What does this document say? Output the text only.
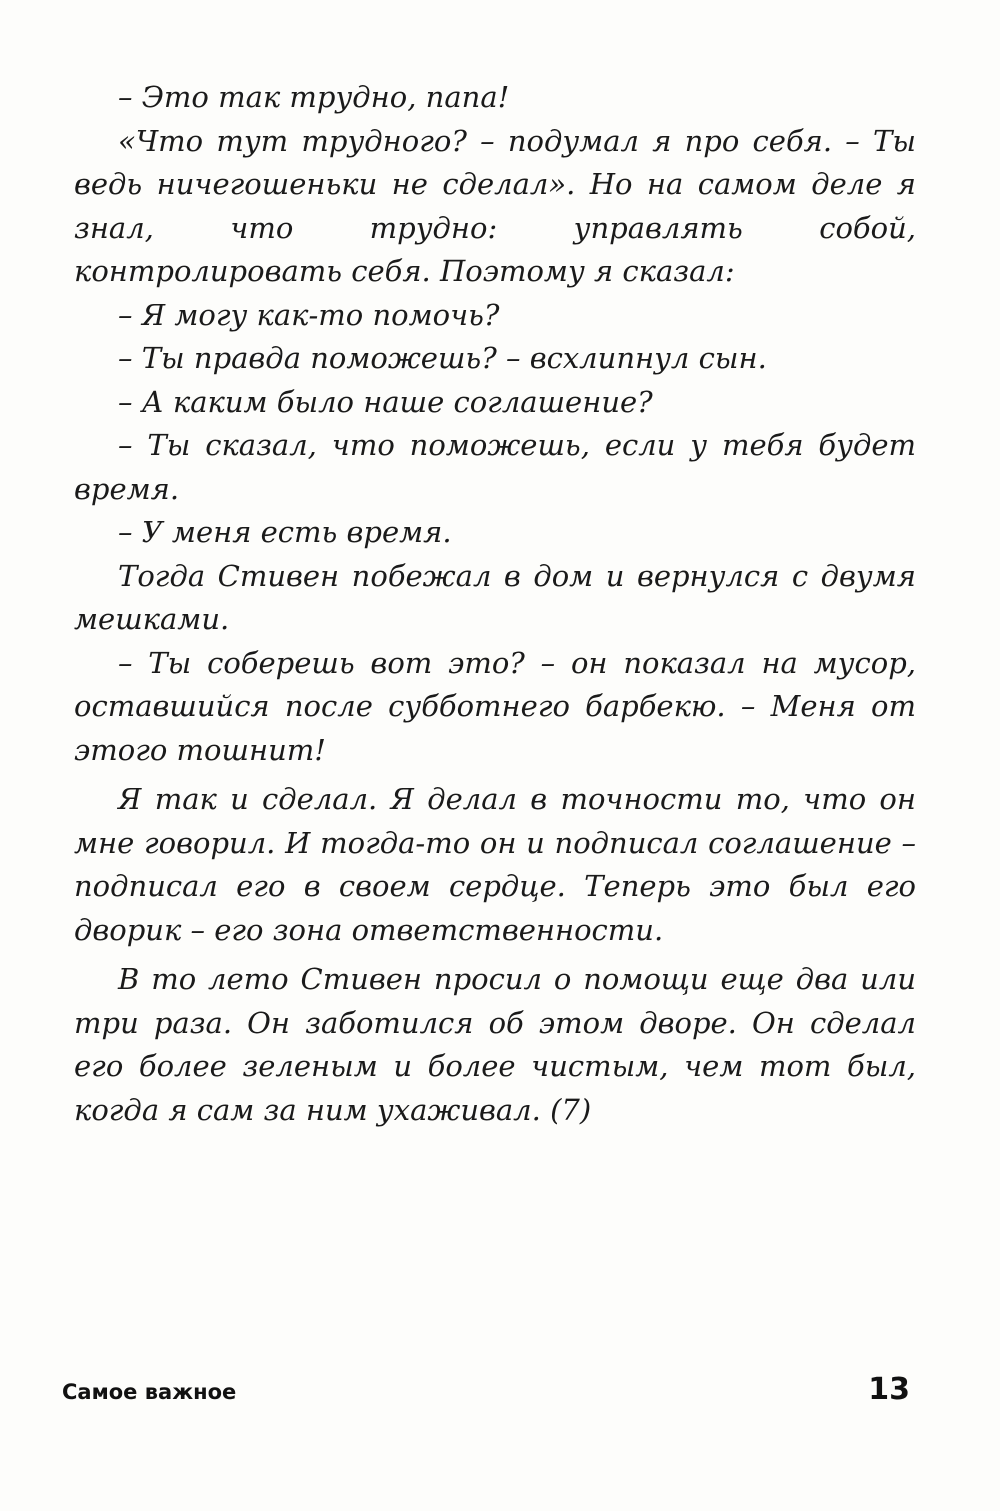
– Это так трудно, папа!

«Что тут трудного? – подумал я про себя. – Ты ведь ничегошеньки не сделал». Но на самом деле я знал, что трудно: управлять собой, контролировать себя. Поэтому я сказал:

– Я могу как-то помочь?

– Ты правда поможешь? – всхлипнул сын.

– А каким было наше соглашение?

– Ты сказал, что поможешь, если у тебя будет время.

– У меня есть время.

Тогда Стивен побежал в дом и вернулся с двумя мешками.

– Ты соберешь вот это? – он показал на мусор, оставшийся после субботнего барбекю. – Меня от этого тошнит!

Я так и сделал. Я делал в точности то, что он мне говорил. И тогда-то он и подписал соглашение – подписал его в своем сердце. Теперь это был его дворик – его зона ответственности.

В то лето Стивен просил о помощи еще два или три раза. Он заботился об этом дворе. Он сделал его более зеленым и более чистым, чем тот был, когда я сам за ним ухаживал. (7)

Самое важное	13
